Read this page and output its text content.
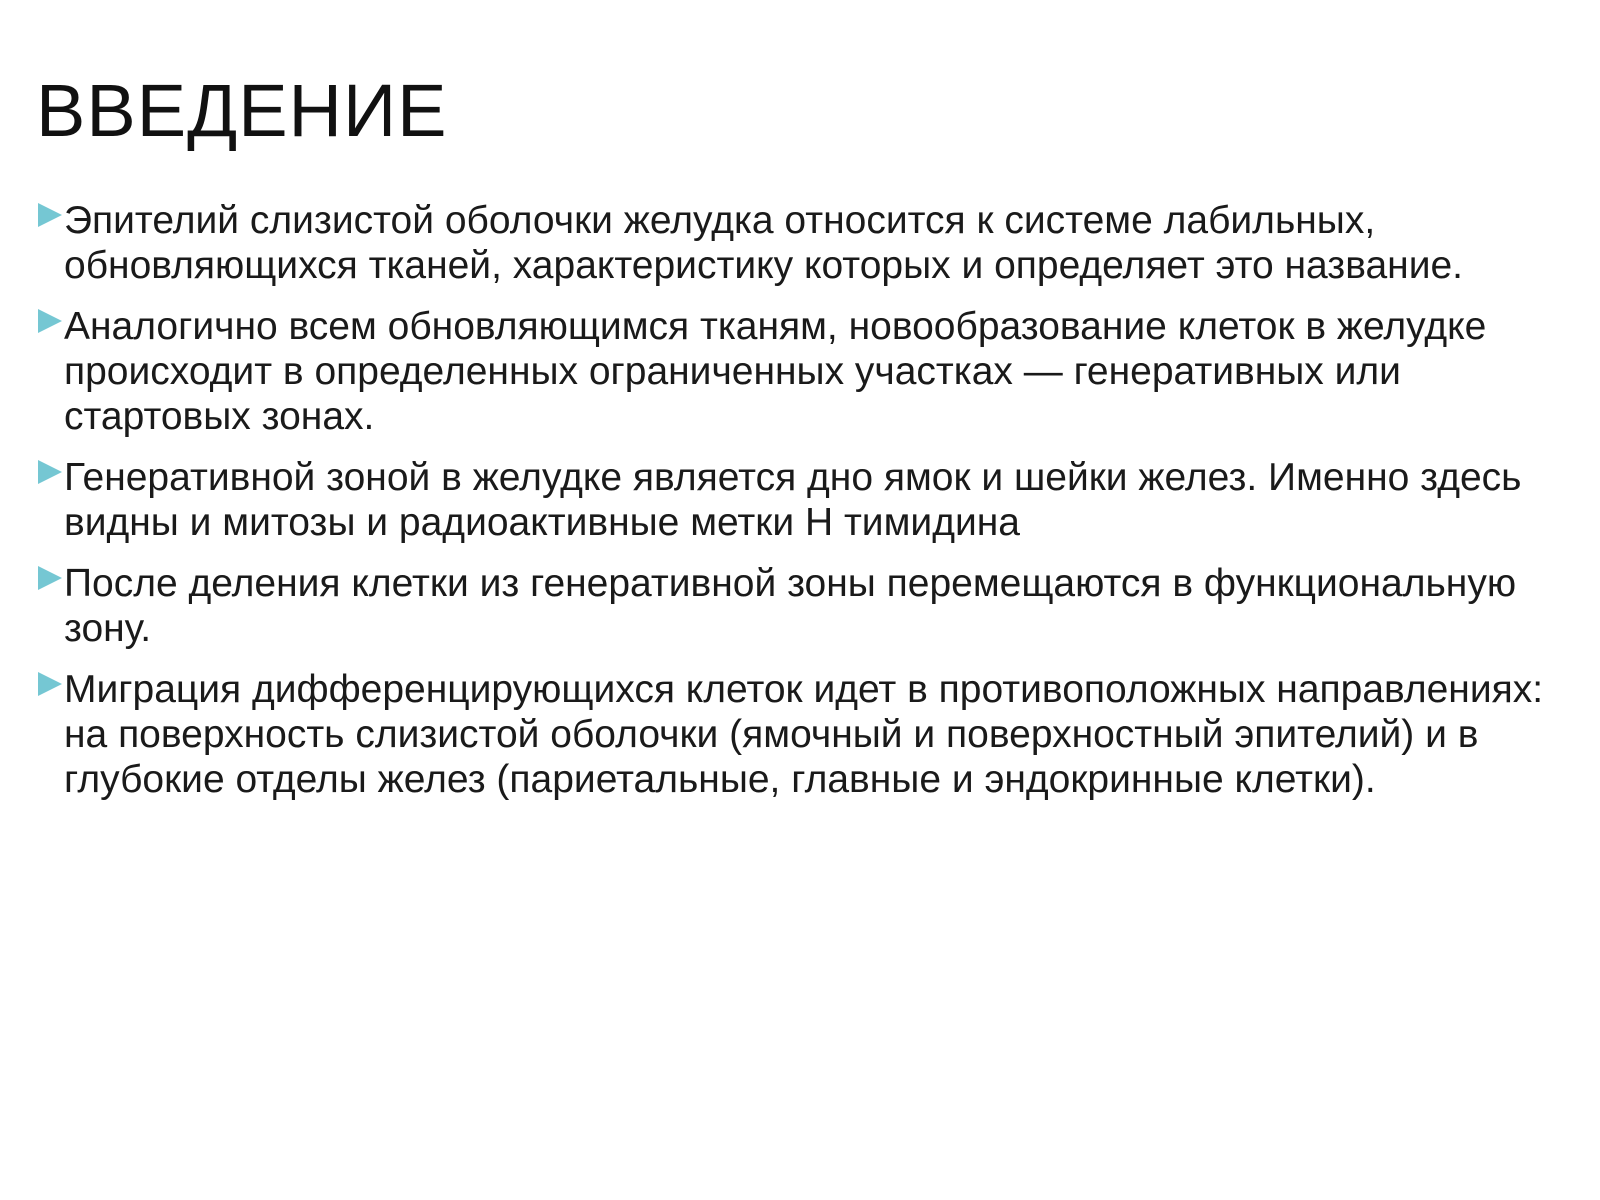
ВВЕДЕНИЕ
Эпителий слизистой оболочки желудка относится к системе лабильных, обновляющихся тканей, характеристику которых и определяет это название.
Аналогично всем обновляющимся тканям, новообразование клеток в желудке происходит в определенных ограниченных участках — генеративных или стартовых зонах.
Генеративной зоной в желудке является дно ямок и шейки желез. Именно здесь видны и митозы и радиоактивные метки Н тимидина
После деления клетки из генеративной зоны перемещаются в функциональную зону.
Миграция дифференцирующихся клеток идет в противоположных направлениях: на поверхность слизистой оболочки (ямочный и поверхностный эпителий) и в глубокие отделы желез (париетальные, главные и эндокринные клетки).
